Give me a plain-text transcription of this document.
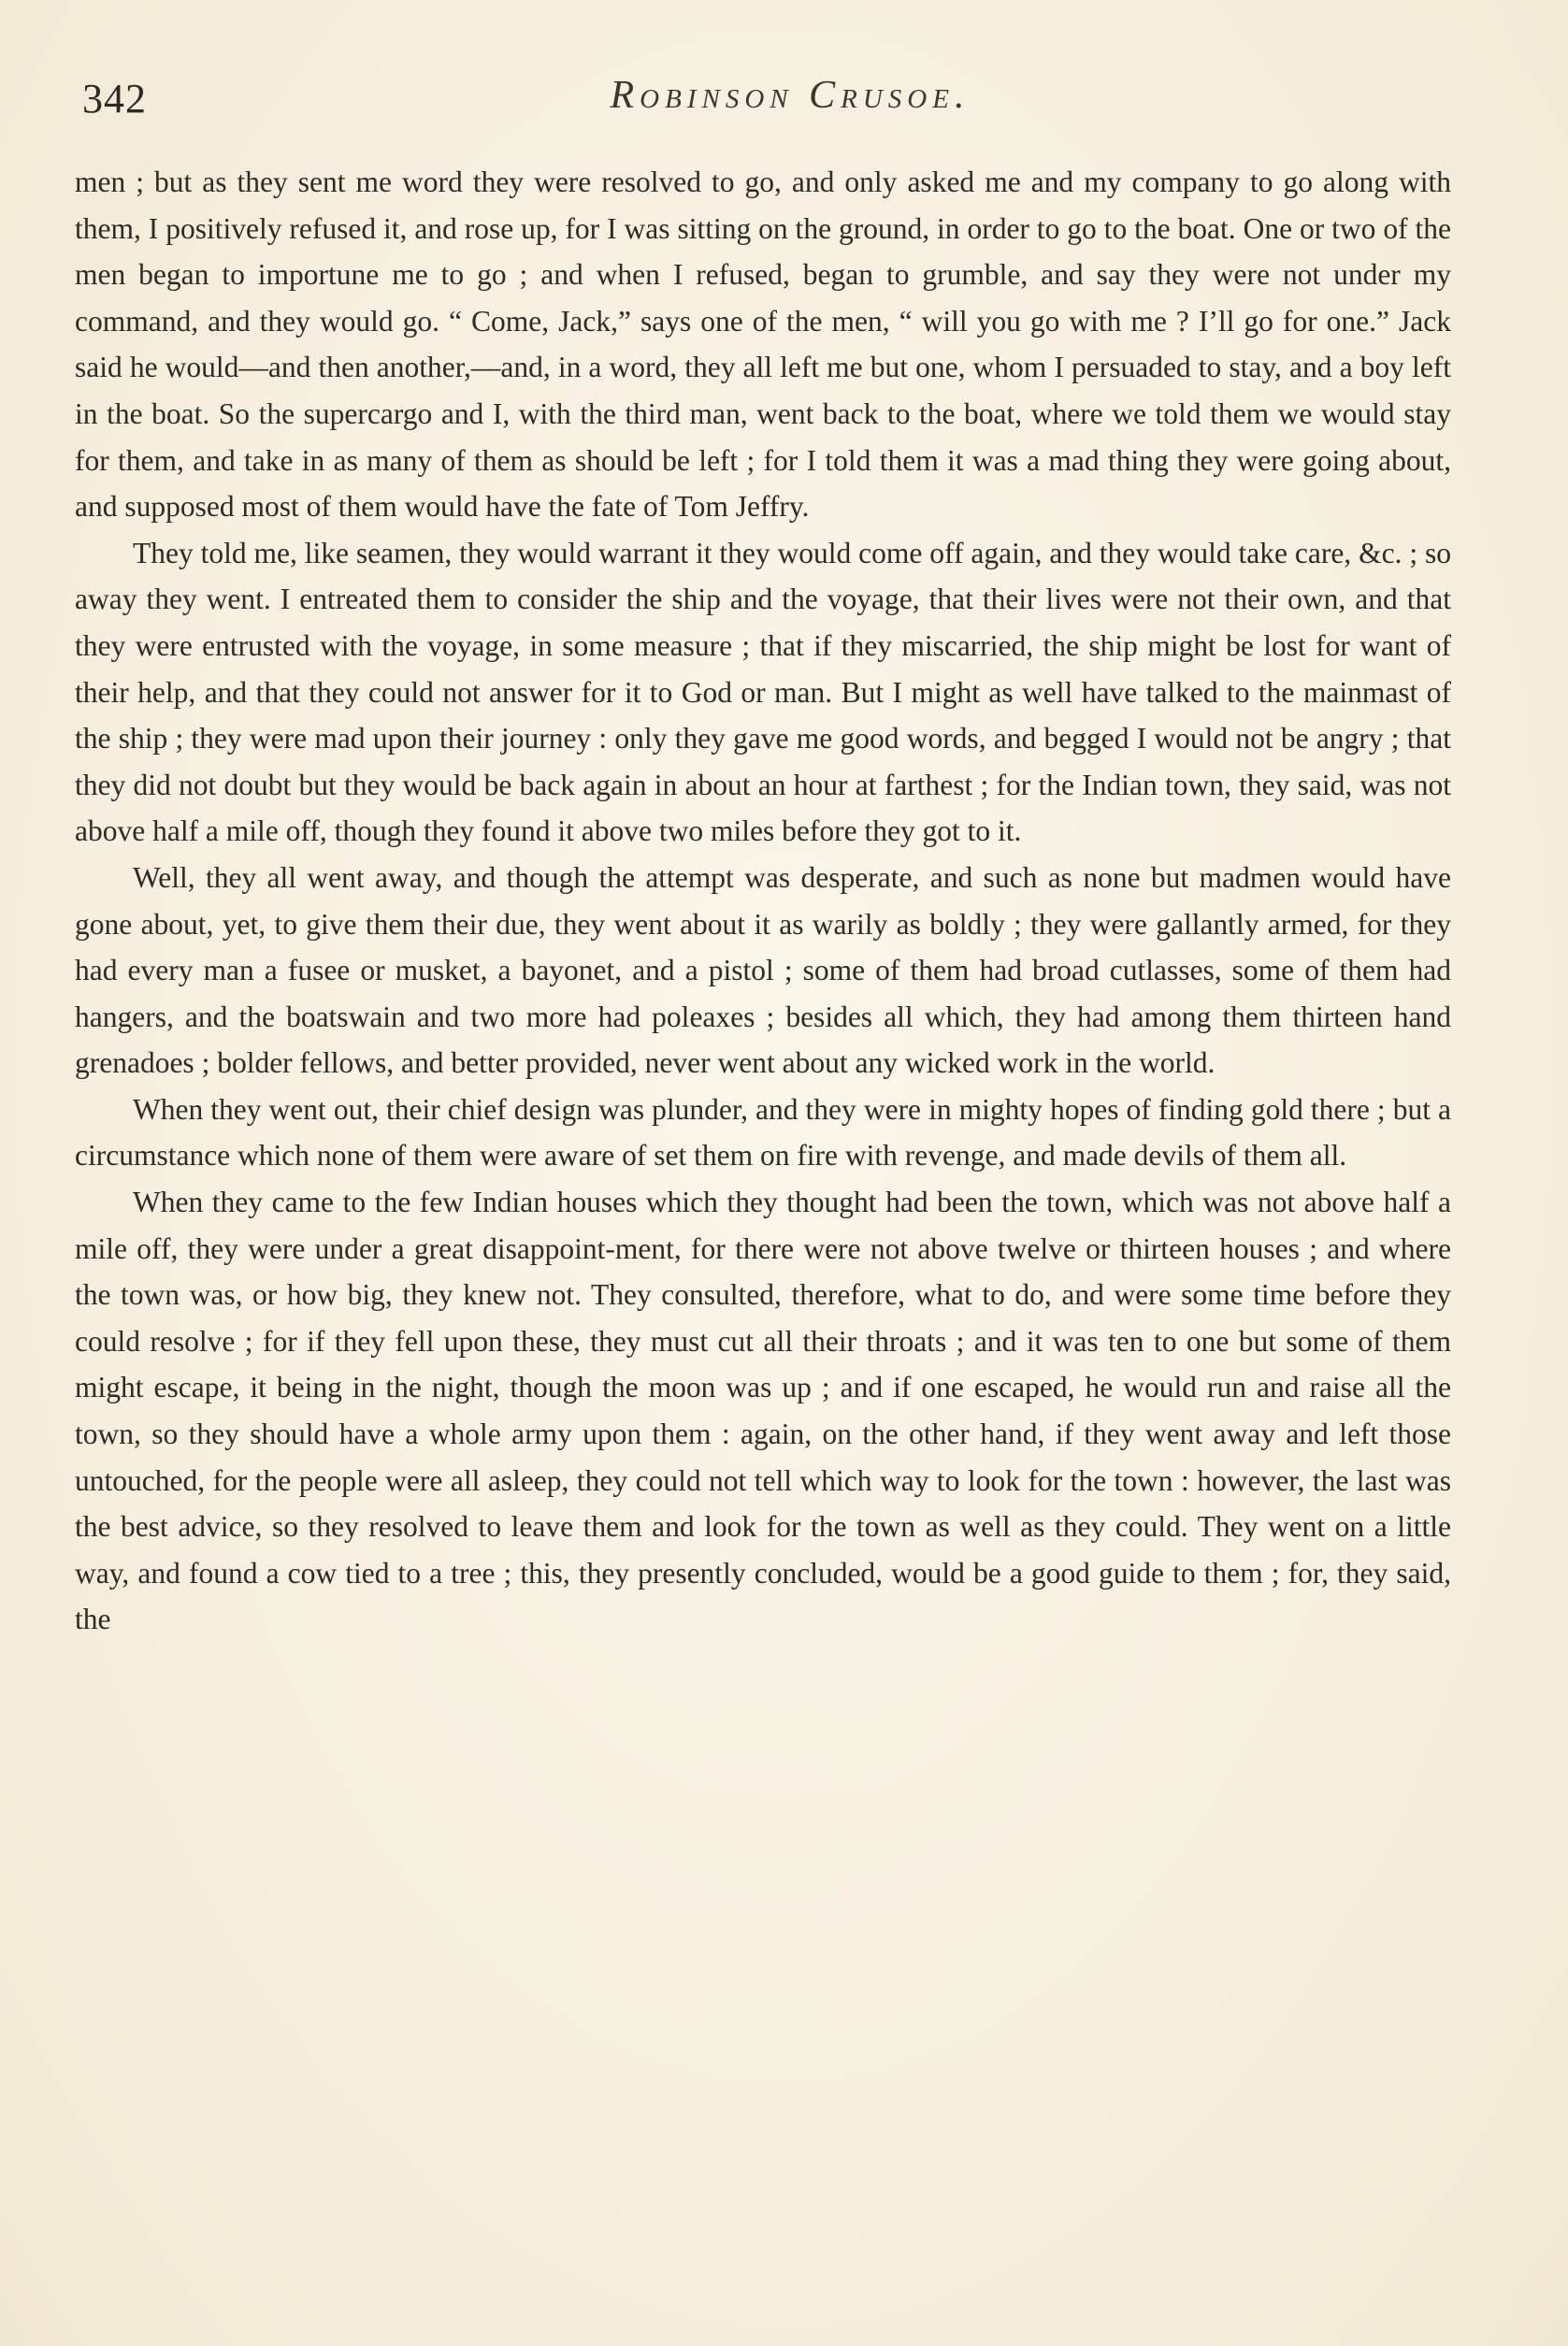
342	Robinson Crusoe.

men ; but as they sent me word they were resolved to go, and only asked me and my company to go along with them, I positively refused it, and rose up, for I was sitting on the ground, in order to go to the boat. One or two of the men began to importune me to go ; and when I refused, began to grumble, and say they were not under my command, and they would go. “ Come, Jack,” says one of the men, “ will you go with me ? I’ll go for one.” Jack said he would—and then another,—and, in a word, they all left me but one, whom I persuaded to stay, and a boy left in the boat. So the supercargo and I, with the third man, went back to the boat, where we told them we would stay for them, and take in as many of them as should be left ; for I told them it was a mad thing they were going about, and supposed most of them would have the fate of Tom Jeffry.

They told me, like seamen, they would warrant it they would come off again, and they would take care, &c. ; so away they went. I entreated them to consider the ship and the voyage, that their lives were not their own, and that they were entrusted with the voyage, in some measure ; that if they miscarried, the ship might be lost for want of their help, and that they could not answer for it to God or man. But I might as well have talked to the mainmast of the ship ; they were mad upon their journey : only they gave me good words, and begged I would not be angry ; that they did not doubt but they would be back again in about an hour at farthest ; for the Indian town, they said, was not above half a mile off, though they found it above two miles before they got to it.

Well, they all went away, and though the attempt was desperate, and such as none but madmen would have gone about, yet, to give them their due, they went about it as warily as boldly ; they were gallantly armed, for they had every man a fusee or musket, a bayonet, and a pistol ; some of them had broad cutlasses, some of them had hangers, and the boatswain and two more had poleaxes ; besides all which, they had among them thirteen hand grenadoes ; bolder fellows, and better provided, never went about any wicked work in the world.

When they went out, their chief design was plunder, and they were in mighty hopes of finding gold there ; but a circumstance which none of them were aware of set them on fire with revenge, and made devils of them all.

When they came to the few Indian houses which they thought had been the town, which was not above half a mile off, they were under a great disappoint-ment, for there were not above twelve or thirteen houses ; and where the town was, or how big, they knew not. They consulted, therefore, what to do, and were some time before they could resolve ; for if they fell upon these, they must cut all their throats ; and it was ten to one but some of them might escape, it being in the night, though the moon was up ; and if one escaped, he would run and raise all the town, so they should have a whole army upon them : again, on the other hand, if they went away and left those untouched, for the people were all asleep, they could not tell which way to look for the town : however, the last was the best advice, so they resolved to leave them and look for the town as well as they could. They went on a little way, and found a cow tied to a tree ; this, they presently concluded, would be a good guide to them ; for, they said, the
